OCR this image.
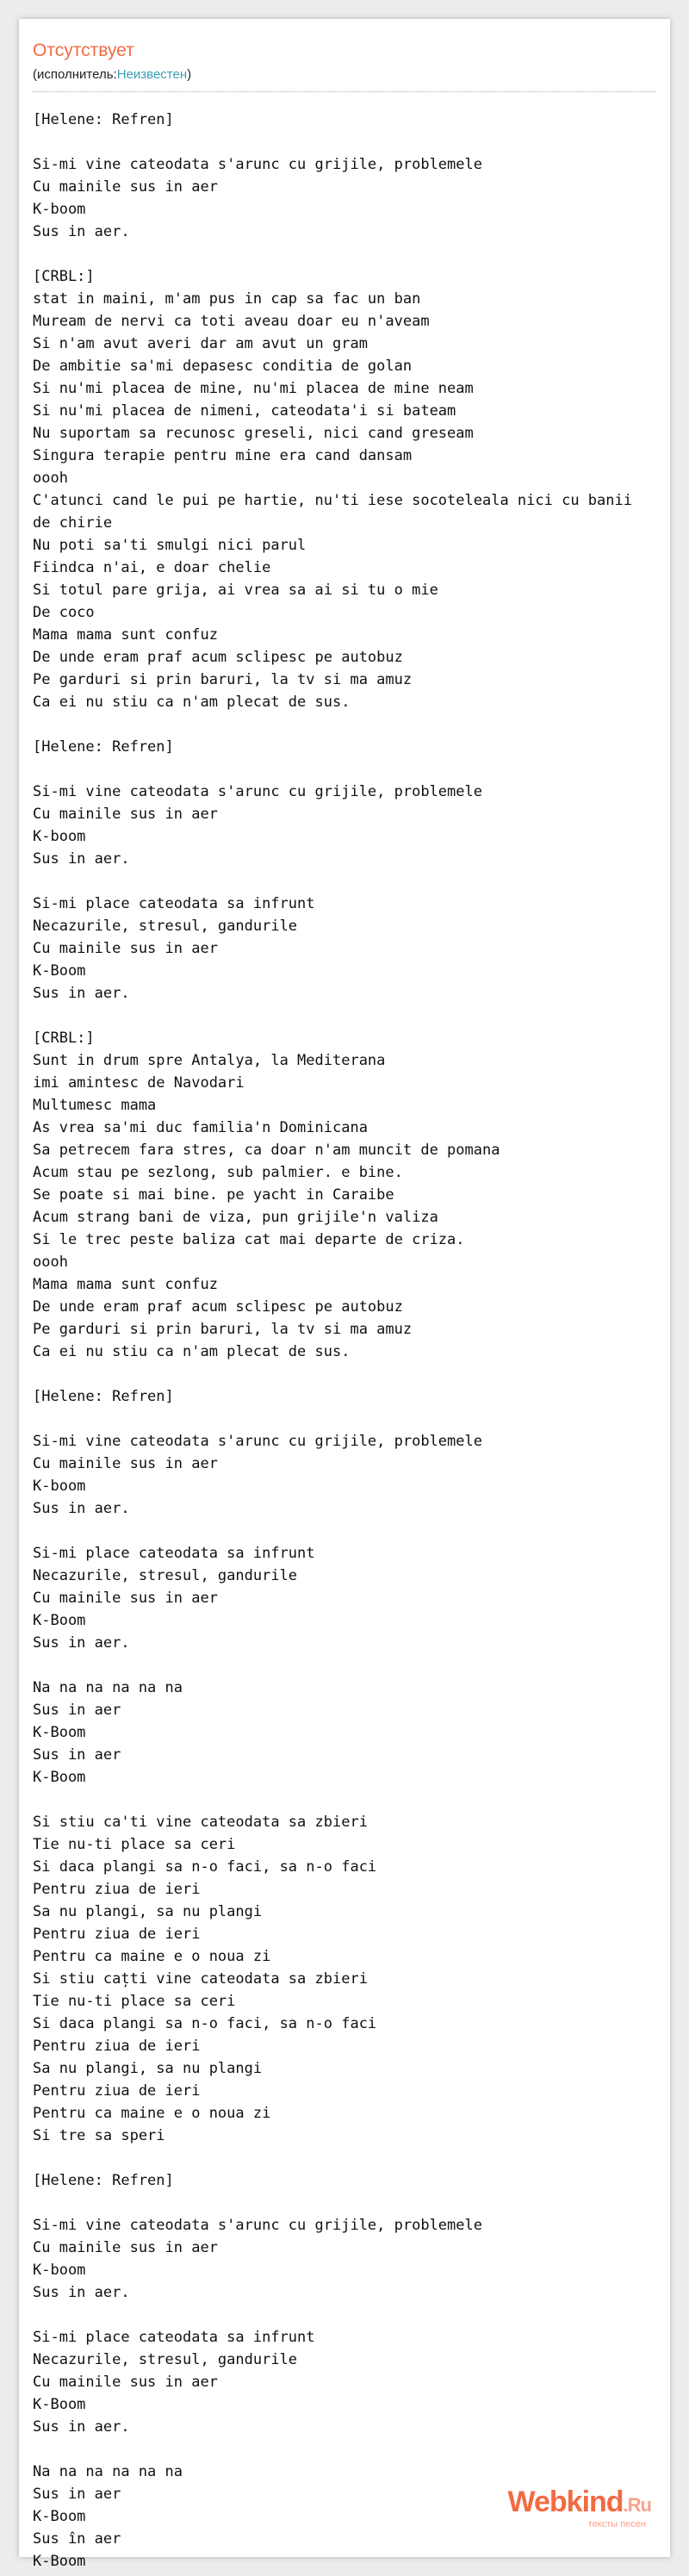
Отсутствует
(исполнитель:Неизвестен)
[Helene: Refren]

Si-mi vine cateodata s'arunc cu grijile, problemele
Cu mainile sus in aer
K-boom
Sus in aer.

[CRBL:]
stat in maini, m'am pus in cap sa fac un ban
Muream de nervi ca toti aveau doar eu n'aveam
Si n'am avut averi dar am avut un gram
De ambitie sa'mi depasesc conditia de golan
Si nu'mi placea de mine, nu'mi placea de mine neam
Si nu'mi placea de nimeni, cateodata'i si bateam
Nu suportam sa recunosc greseli, nici cand greseam
Singura terapie pentru mine era cand dansam
oooh
C'atunci cand le pui pe hartie, nu'ti iese socoteleala nici cu banii de chirie
Nu poti sa'ti smulgi nici parul
Fiindca n'ai, e doar chelie
Si totul pare grija, ai vrea sa ai si tu o mie
De coco
Mama mama sunt confuz
De unde eram praf acum sclipesc pe autobuz
Pe garduri si prin baruri, la tv si ma amuz
Ca ei nu stiu ca n'am plecat de sus.

[Helene: Refren]

Si-mi vine cateodata s'arunc cu grijile, problemele
Cu mainile sus in aer
K-boom
Sus in aer.

Si-mi place cateodata sa infrunt
Necazurile, stresul, gandurile
Cu mainile sus in aer
K-Boom
Sus in aer.

[CRBL:]
Sunt in drum spre Antalya, la Mediterana
imi amintesc de Navodari
Multumesc mama
As vrea sa'mi duc familia'n Dominicana
Sa petrecem fara stres, ca doar n'am muncit de pomana
Acum stau pe sezlong, sub palmier. e bine.
Se poate si mai bine. pe yacht in Caraibe
Acum strang bani de viza, pun grijile'n valiza
Si le trec peste baliza cat mai departe de criza.
oooh
Mama mama sunt confuz
De unde eram praf acum sclipesc pe autobuz
Pe garduri si prin baruri, la tv si ma amuz
Ca ei nu stiu ca n'am plecat de sus.

[Helene: Refren]

Si-mi vine cateodata s'arunc cu grijile, problemele
Cu mainile sus in aer
K-boom
Sus in aer.

Si-mi place cateodata sa infrunt
Necazurile, stresul, gandurile
Cu mainile sus in aer
K-Boom
Sus in aer.

Na na na na na na
Sus in aer
K-Boom
Sus in aer
K-Boom

Si stiu ca'ti vine cateodata sa zbieri
Tie nu-ti place sa ceri
Si daca plangi sa n-o faci, sa n-o faci
Pentru ziua de ieri
Sa nu plangi, sa nu plangi
Pentru ziua de ieri
Pentru ca maine e o noua zi
Si stiu cațti vine cateodata sa zbieri
Tie nu-ti place sa ceri
Si daca plangi sa n-o faci, sa n-o faci
Pentru ziua de ieri
Sa nu plangi, sa nu plangi
Pentru ziua de ieri
Pentru ca maine e o noua zi
Si tre sa speri

[Helene: Refren]

Si-mi vine cateodata s'arunc cu grijile, problemele
Cu mainile sus in aer
K-boom
Sus in aer.

Si-mi place cateodata sa infrunt
Necazurile, stresul, gandurile
Cu mainile sus in aer
K-Boom
Sus in aer.

Na na na na na na
Sus in aer
K-Boom
Sus în aer
K-Boom
Webkind.Ru
тексты песен
